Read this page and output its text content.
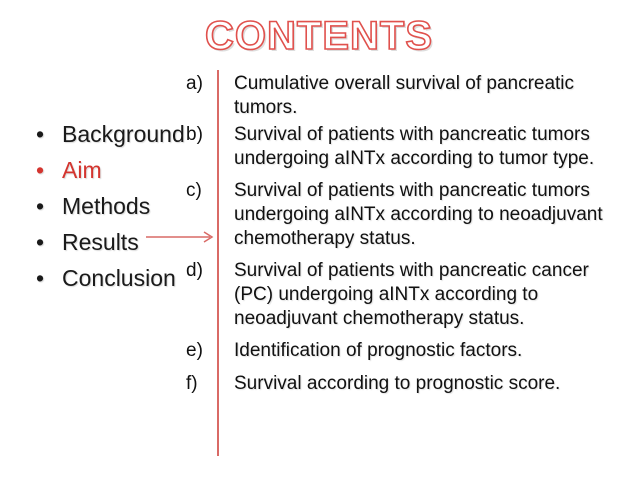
CONTENTS
• Background
• Aim
• Methods
• Results
• Conclusion
a)	Cumulative overall survival of pancreatic tumors.
b)	Survival of patients with pancreatic tumors undergoing aINTx according to tumor type.
c)	Survival of patients with pancreatic tumors undergoing aINTx according to neoadjuvant chemotherapy status.
d)	Survival of patients with pancreatic cancer (PC) undergoing aINTx according to neoadjuvant chemotherapy status.
e)	Identification of prognostic factors.
f)	Survival according to prognostic score.
